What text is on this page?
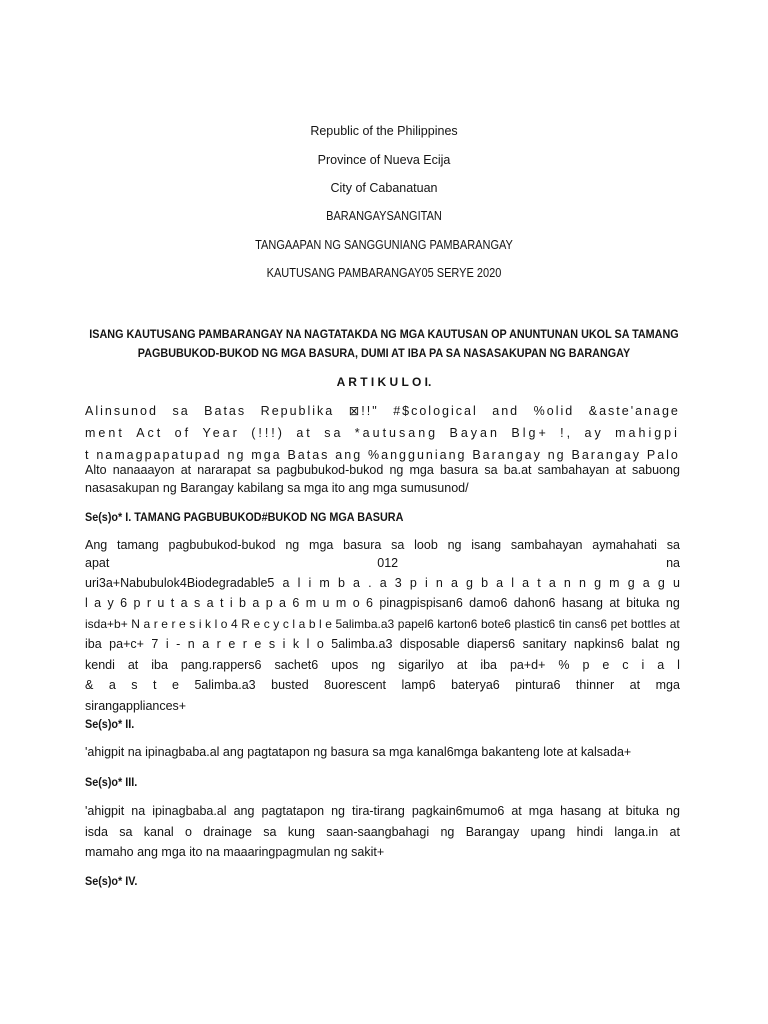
Republic of the Philippines
Province of Nueva Ecija
City of Cabanatuan
BARANGAYSANGITAN
TANGAAPAN NG SANGGUNIANG PAMBARANGAY
KAUTUSANG PAMBARANGAY05 SERYE 2020
ISANG KAUTUSANG PAMBARANGAY NA NAGTATAKDA NG MGA KAUTUSAN OP ANUNTUNAN UKOL SA TAMANG
PAGBUBUKOD-BUKOD NG MGA BASURA, DUMI AT IBA PA SA NASASAKUPAN NG BARANGAY
A R T I K U L O I.
Alinsunod sa Batas Republika ⊠!!" #$cological and %olid &aste'anage
ment Act of Year (!!!) at sa *autusang Bayan Blg+ !, ay mahigpi
t namagpapatupad ng mga Batas ang %angguniang Barangay ng Barangay Palo
Alto nanaaayon at nararapat sa pagbubukod-bukod ng mga basura sa ba.at sambahayan at sabuong
nasasakupan ng Barangay kabilang sa mga ito ang mga sumusunod/
Se(s)o* I. TAMANG PAGBUBUKOD#BUKOD NG MGA BASURA
Ang tamang pagbubukod-bukod ng mga basura sa loob ng isang sambahayan aymahahati sa
apat	012	na
uri3a+Nabubulok4Biodegradable5 a l i m b a . a 3 p i n a g b a l a t a n n g m g a g u
l a y 6 p r u t a s a t i b a p a 6 m u m o 6 pinagpispisan6 damo6 dahon6 hasang at bituka ng
isda+b+ N a r e r e s i k l o 4 R e c y c l a b l e 5alimba.a3 papel6 karton6 bote6 plastic6 tin cans6 pet bottles at
iba pa+c+ 7 i - n a r e r e s i k l o 5alimba.a3 disposable diapers6 sanitary napkins6 balat ng
kendi at iba pang.rappers6 sachet6 upos ng sigarilyo at iba pa+d+ % p e c i a l
& a s t e 5alimba.a3 busted 8uorescent lamp6 baterya6 pintura6 thinner at mga
sirangappliances+
Se(s)o* II.
'ahigpit na ipinagbaba.al ang pagtatapon ng basura sa mga kanal6mga bakanteng lote at kalsada+
Se(s)o* III.
'ahigpit na ipinagbaba.al ang pagtatapon ng tira-tirang pagkain6mumo6 at mga hasang at bituka ng
isda sa kanal o drainage sa kung saan-saangbahagi ng Barangay upang hindi langa.in at
mamaho ang mga ito na maaaringpagmulan ng sakit+
Se(s)o* IV.
